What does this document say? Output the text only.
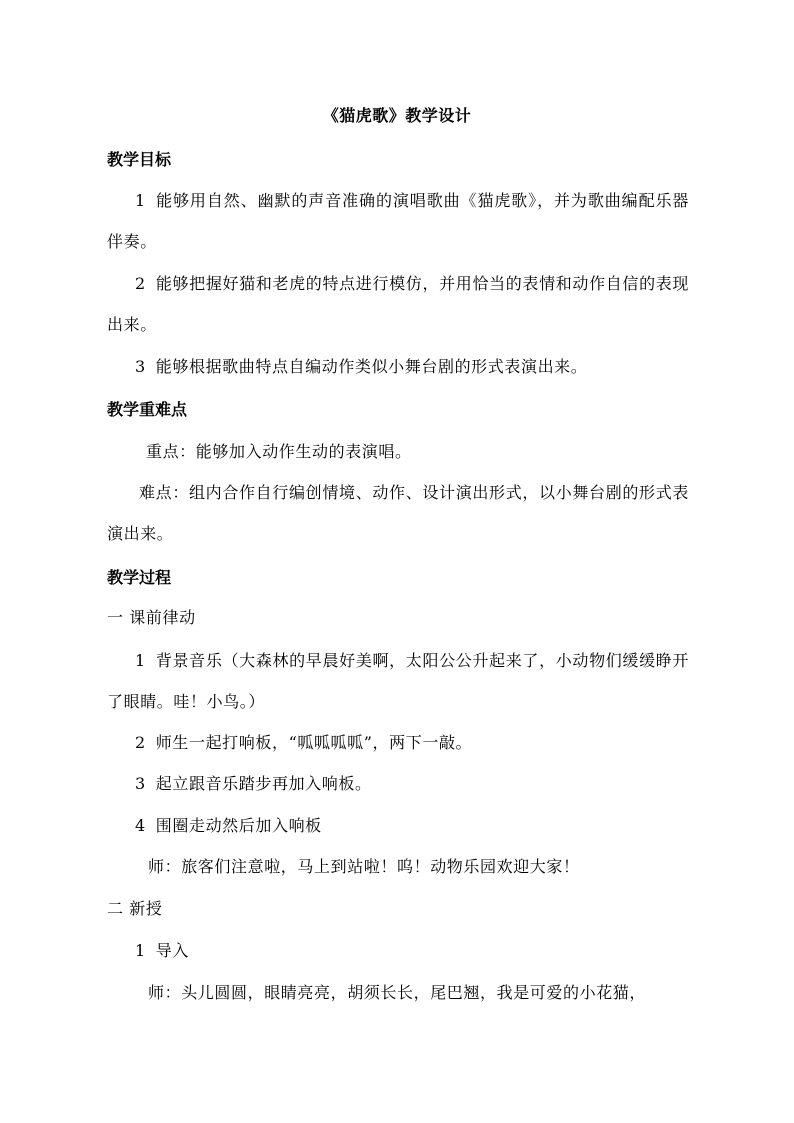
《猫虎歌》教学设计
教学目标
1 能够用自然、幽默的声音准确的演唱歌曲《猫虎歌》，并为歌曲编配乐器伴奏。
2 能够把握好猫和老虎的特点进行模仿，并用恰当的表情和动作自信的表现出来。
3 能够根据歌曲特点自编动作类似小舞台剧的形式表演出来。
教学重难点
重点：能够加入动作生动的表演唱。
难点：组内合作自行编创情境、动作、设计演出形式，以小舞台剧的形式表演出来。
教学过程
一 课前律动
1 背景音乐（大森林的早晨好美啊，太阳公公升起来了，小动物们缓缓睁开了眼睛。哇！小鸟。）
2 师生一起打响板，“呱呱呱呱”，两下一敲。
3 起立跟音乐踏步再加入响板。
4 围圈走动然后加入响板
师：旅客们注意啦，马上到站啦！呜！动物乐园欢迎大家！
二 新授
1 导入
师：头儿圆圆，眼睛亮亮，胡须长长，尾巴翘，我是可爱的小花猫，
